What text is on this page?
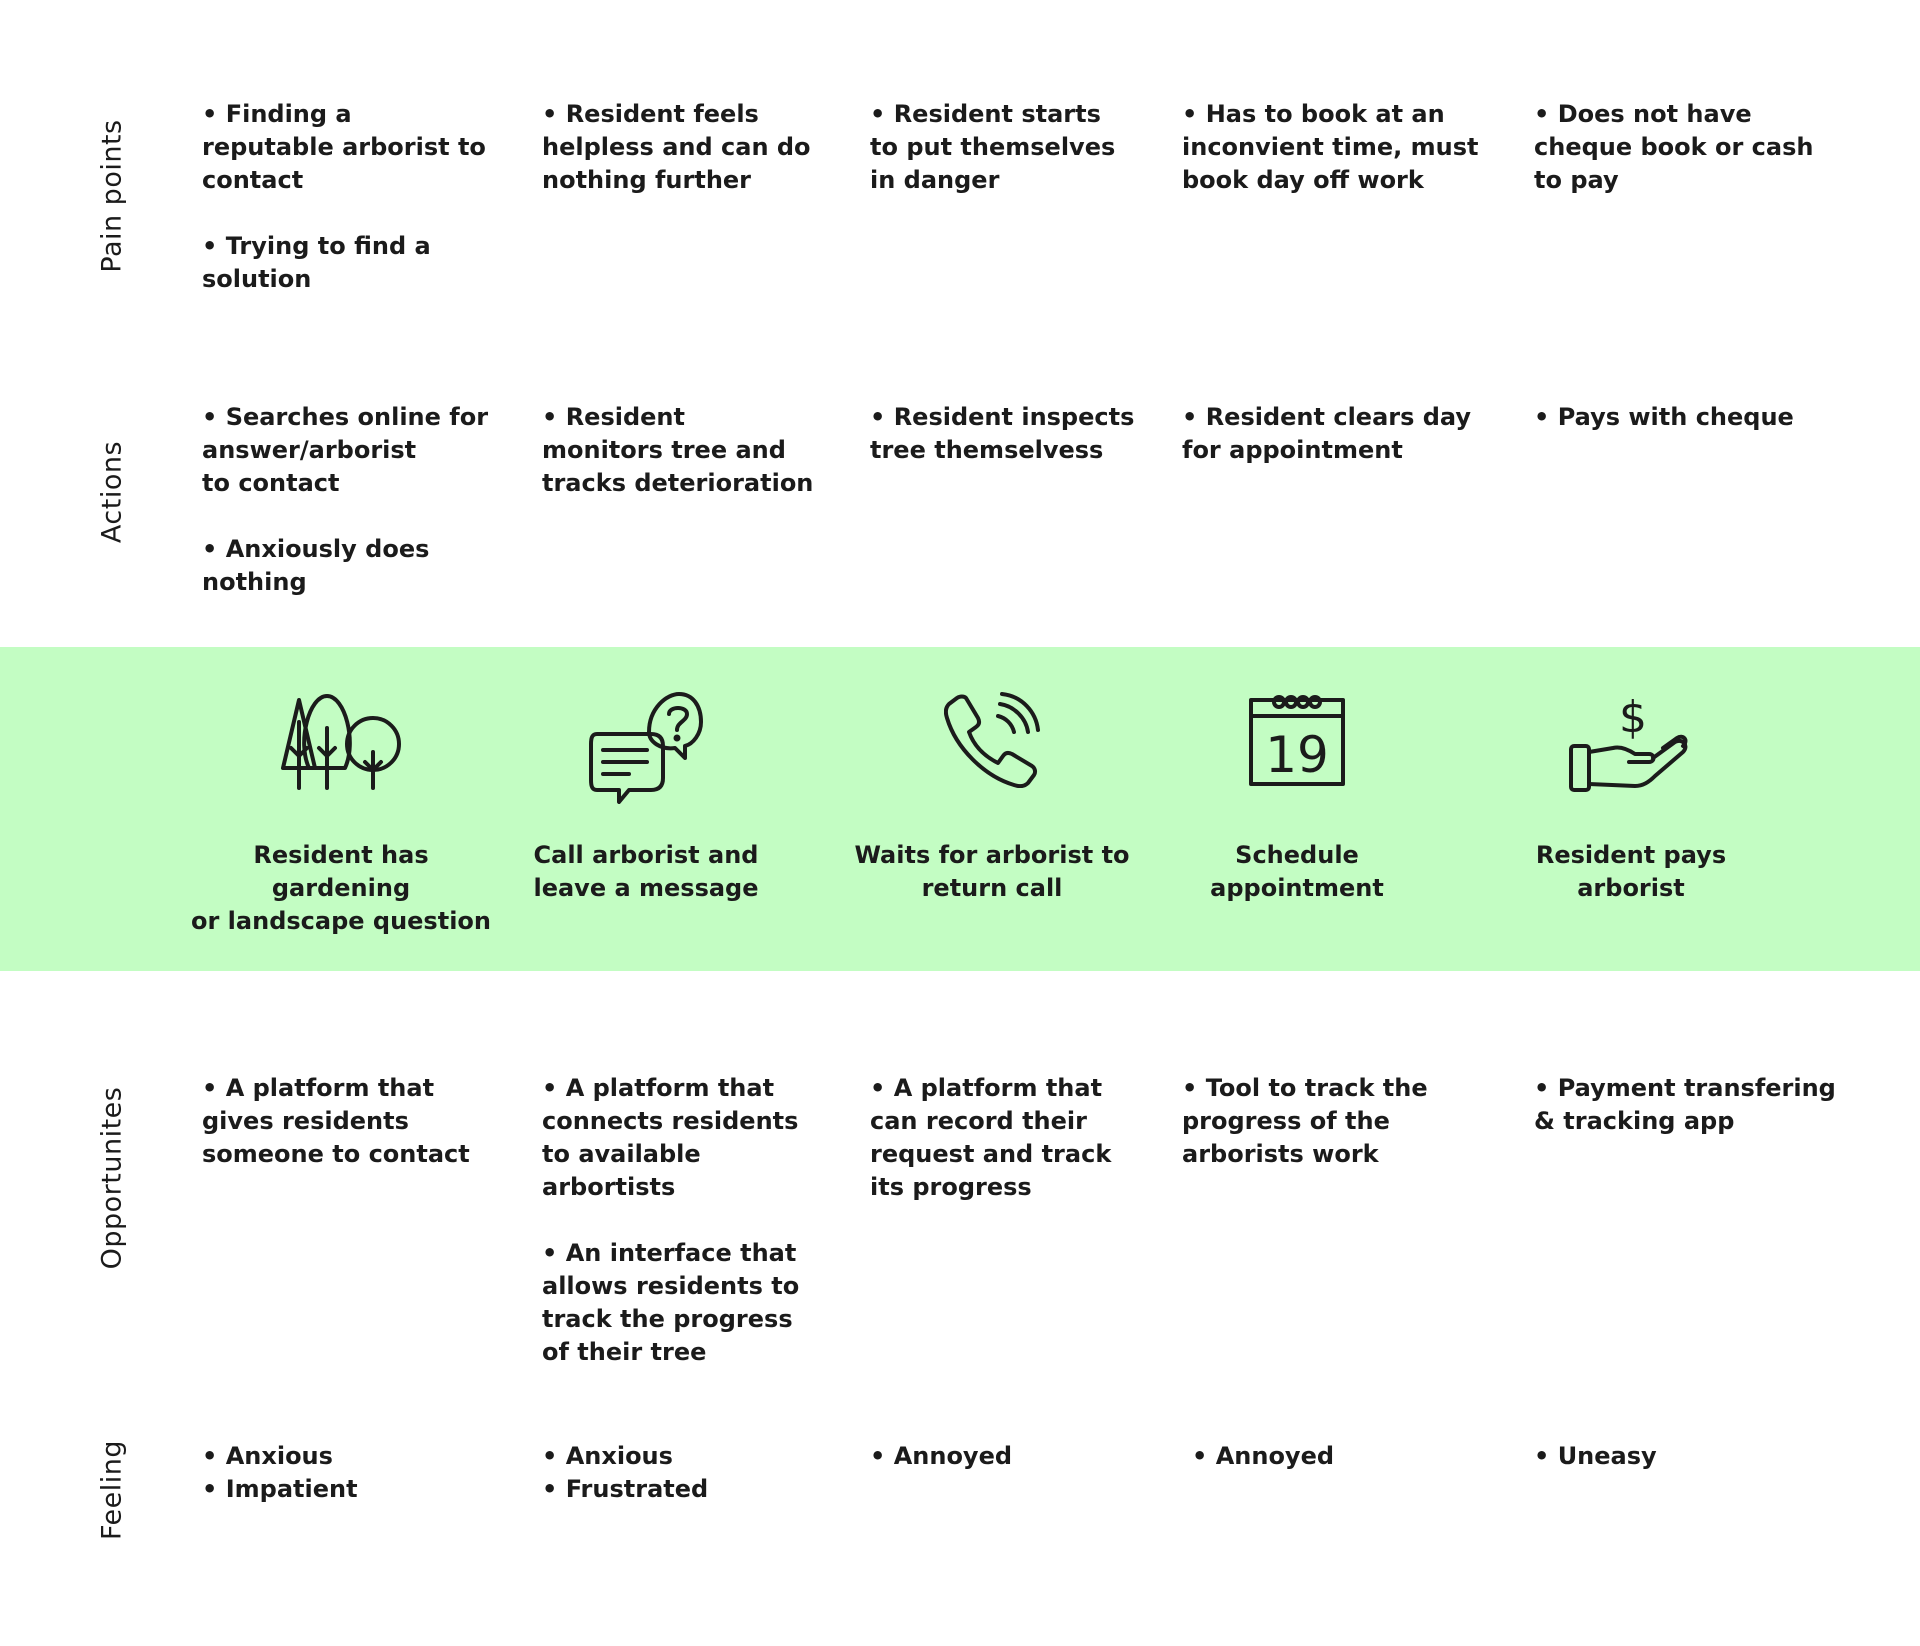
Pain points
Actions
Opportunites
Feeling
• Finding a
reputable arborist to
contact

• Trying to find a
solution
• Resident feels
helpless and can do
nothing further
• Resident starts
to put themselves
in danger
• Has to book at an
inconvient time, must
book day off work
• Does not have
cheque book or cash
to pay
• Searches online for
answer/arborist
to contact

• Anxiously does
nothing
• Resident
monitors tree and
tracks deterioration
• Resident inspects
tree themselvess
• Resident clears day
for appointment
• Pays with cheque
Resident has gardening
or landscape question
Call arborist and
leave a message
Waits for arborist to
return call
19
Schedule
appointment
$
Resident pays
arborist
• A platform that
gives residents
someone to contact
• A platform that
connects residents
to available
arbortists

• An interface that
allows residents to
track the progress
of their tree
• A platform that
can record their
request and track
its progress
• Tool to track the
progress of the
arborists work
• Payment transfering
& tracking app
• Anxious
• Impatient
• Anxious
• Frustrated
• Annoyed	• Annoyed	• Uneasy
